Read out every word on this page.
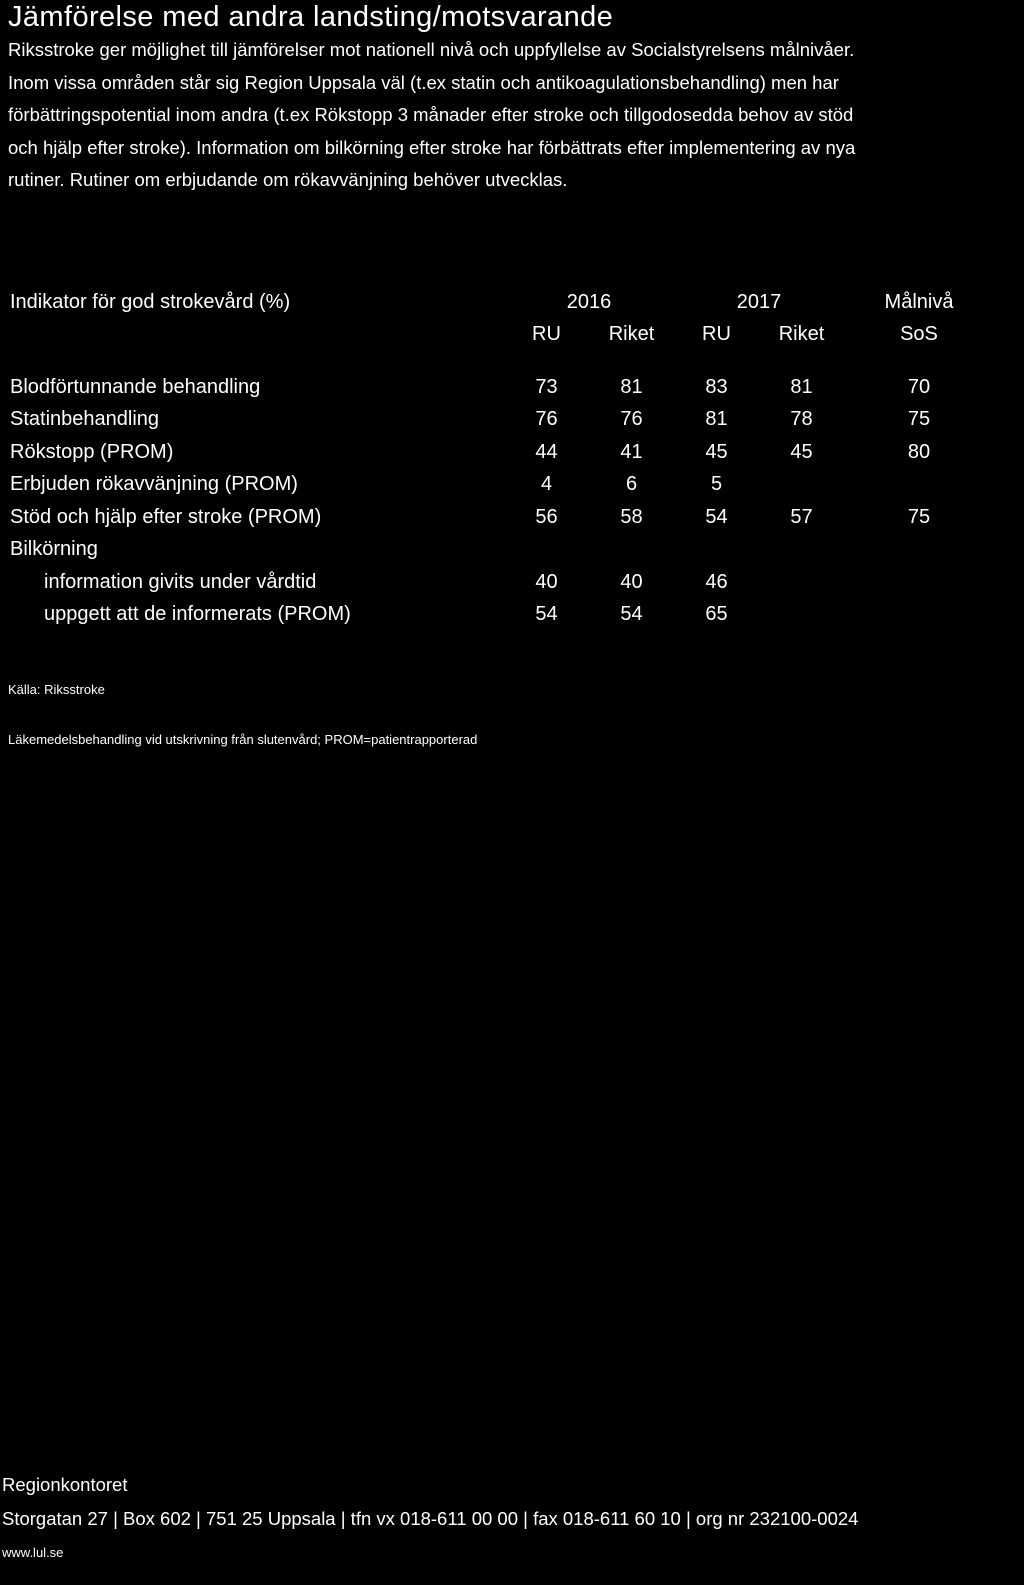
Jämförelse med andra landsting/motsvarande
Riksstroke ger möjlighet till jämförelser mot nationell nivå och uppfyllelse av Socialstyrelsens målnivåer.
Inom vissa områden står sig Region Uppsala väl (t.ex statin och antikoagulationsbehandling) men har
förbättringspotential inom andra (t.ex Rökstopp 3 månader efter stroke och tillgodosedda behov av stöd
och hjälp efter stroke). Information om bilkörning efter stroke har förbättrats efter implementering av nya
rutiner. Rutiner om erbjudande om rökavvänjning behöver utvecklas.
Indikator för god strokevård (%)	2016		2017		Målnivå
	RU	Riket	RU	Riket	SoS

Blodförtunnande behandling	73	81	83	81	70
Statinbehandling	76	76	81	78	75
Rökstopp (PROM)	44	41	45	45	80
Erbjuden rökavvänjning (PROM)	4	6	5		
Stöd och hjälp efter stroke (PROM)	56	58	54	57	75
Bilkörning					
information givits under vårdtid	40	40	46		
uppgett att de informerats (PROM)	54	54	65		

Källa: Riksstroke

Läkemedelsbehandling vid utskrivning från slutenvård; PROM=patientrapporterad

Regionkontoret
Storgatan 27 | Box 602 | 751 25 Uppsala | tfn vx 018-611 00 00 | fax 018-611 60 10 | org nr 232100-0024
www.lul.se
